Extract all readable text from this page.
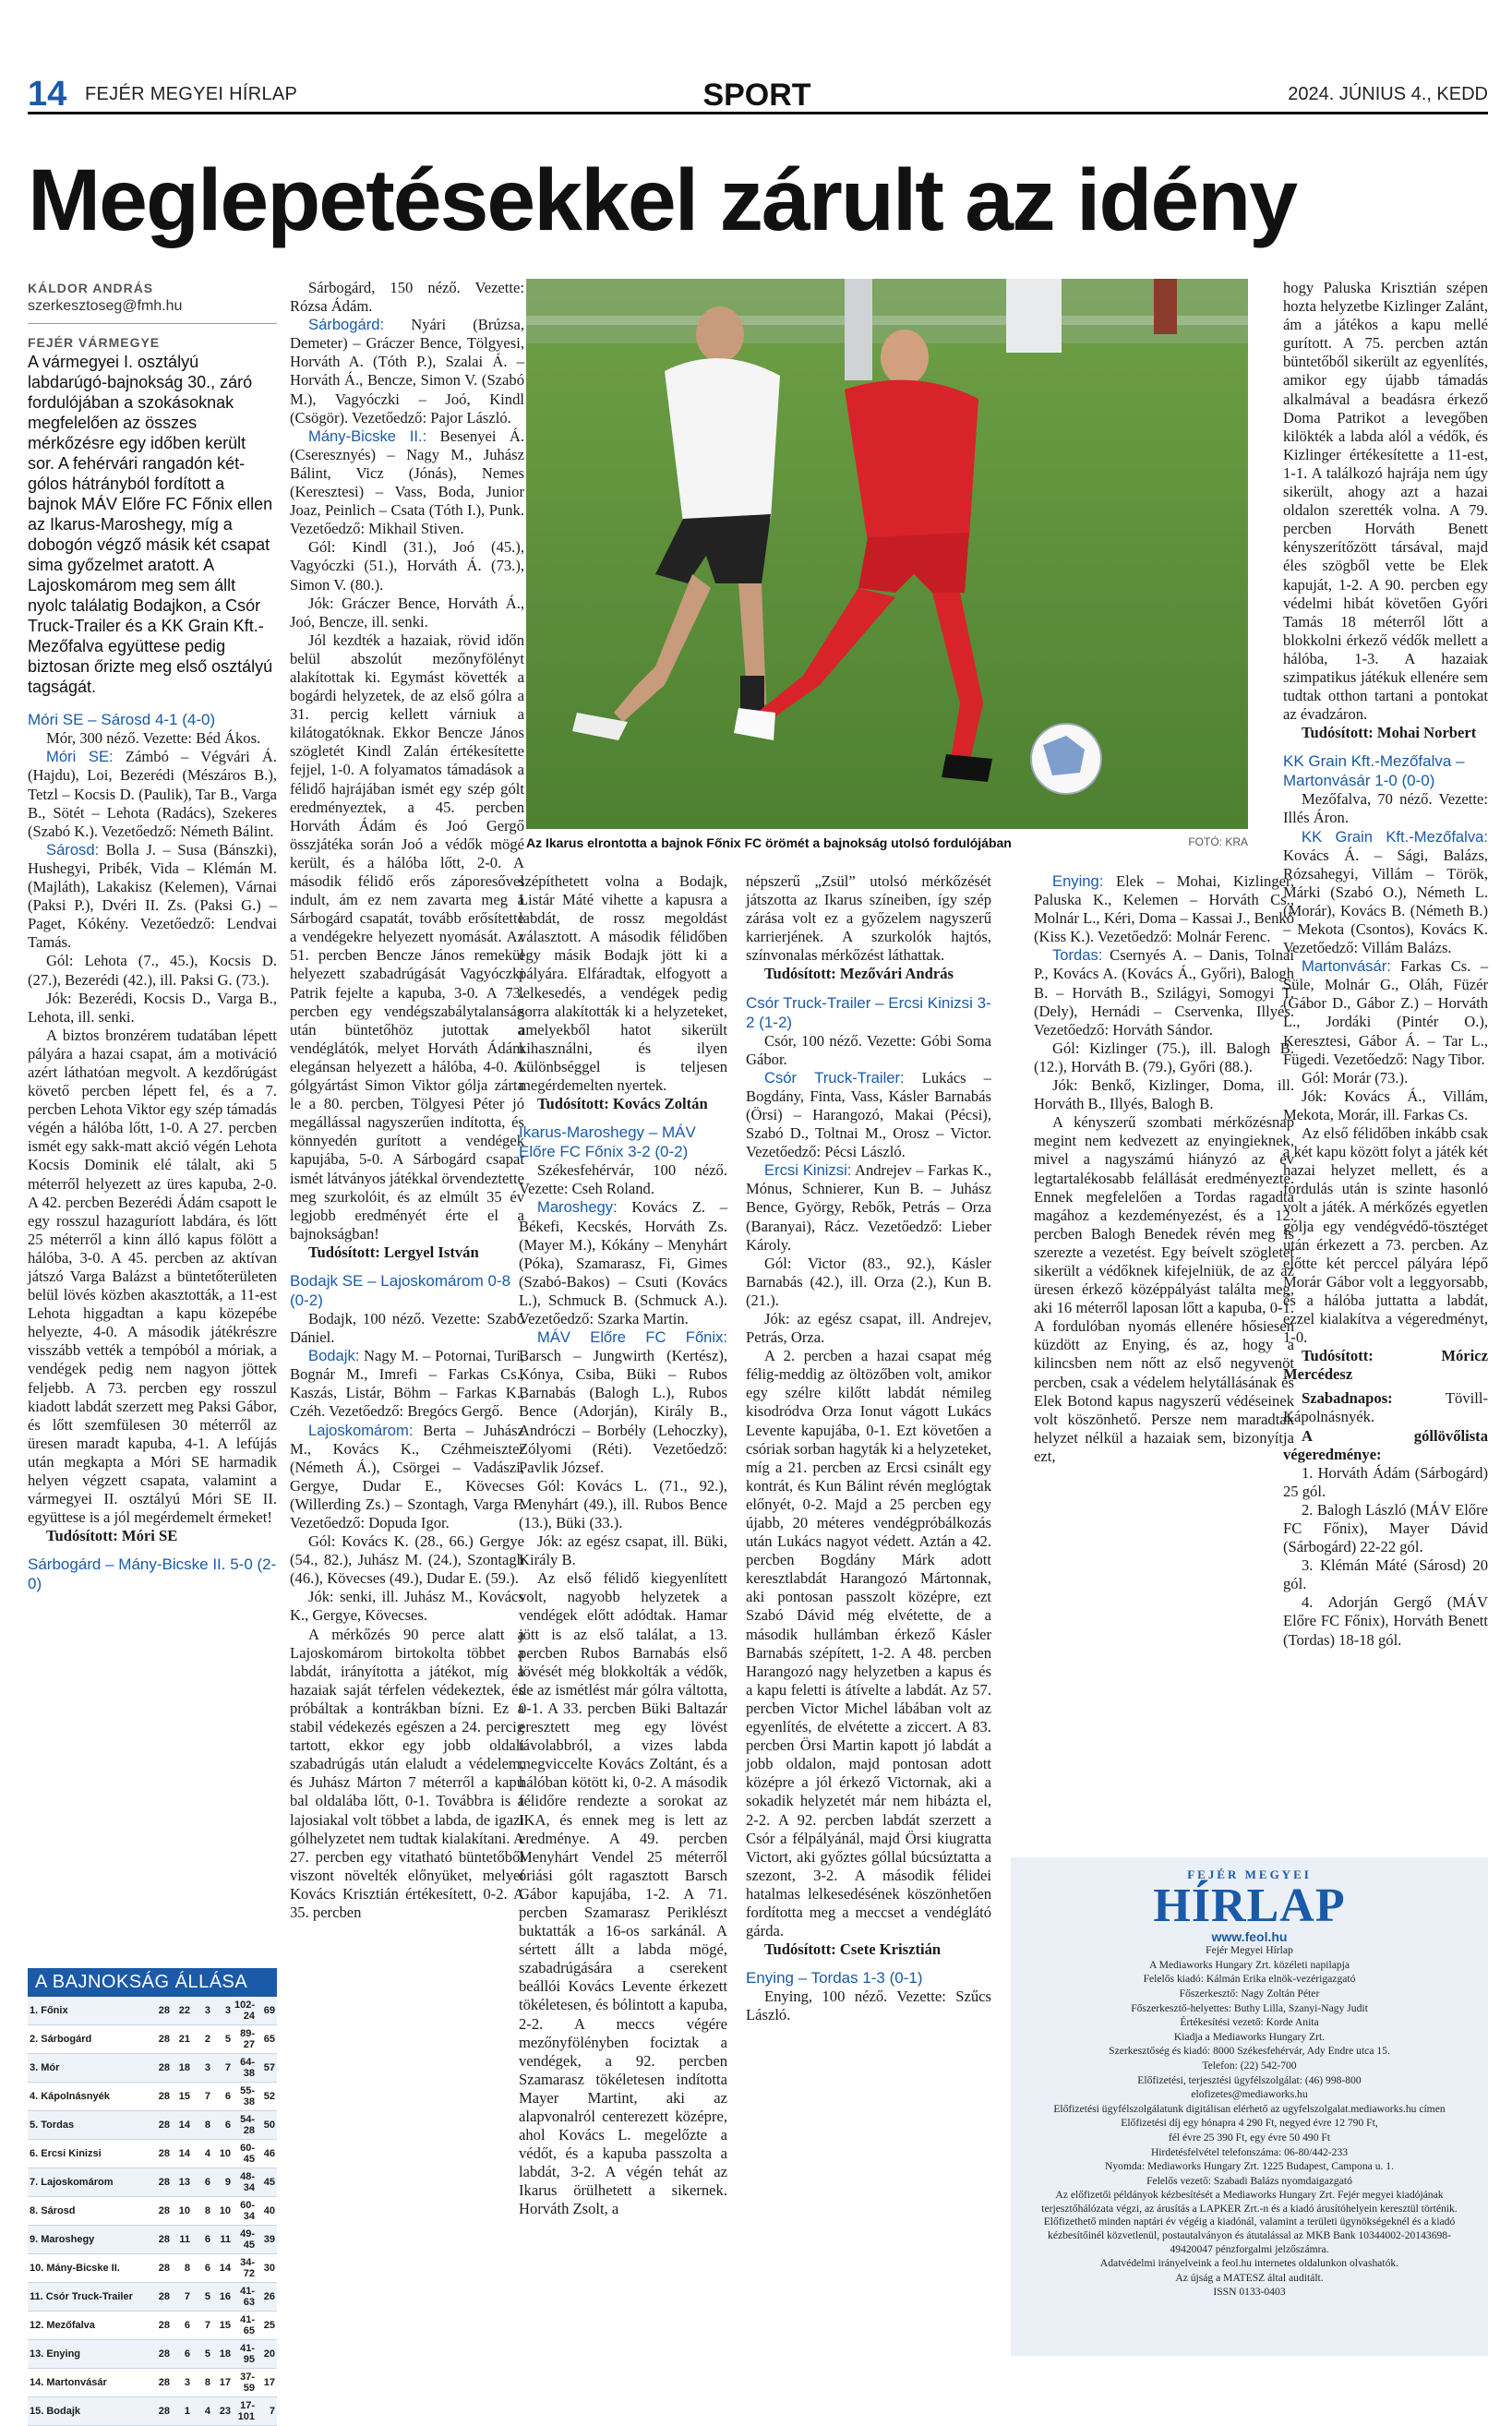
14 FEJÉR MEGYEI HÍRLAP	SPORT	2024. JÚNIUS 4., KEDD
Meglepetésekkel zárult az idény
Az Ikarus elrontotta a bajnok Főnix FC örömét a bajnokság utolsó fordulójában	FOTÓ: KRA
KÁLDOR ANDRÁS
szerkesztoseg@fmh.hu
FEJÉR VÁRMEGYE
A vármegyei I. osztályú labdarúgó-bajnokság 30., záró fordulójában a szokásoknak megfelelően az összes mérkőzésre egy időben került sor. A fehérvári rangadón két-gólos hátrányból fordított a bajnok MÁV Előre FC Főnix ellen az Ikarus-Maroshegy, míg a dobogón végző másik két csapat sima győzelmet aratott. A Lajoskomárom meg sem állt nyolc találatig Bodajkon, a Csór Truck-Trailer és a KK Grain Kft.-Mezőfalva együttese pedig biztosan őrizte meg első osztályú tagságát.
Móri SE – Sárosd 4-1 (4-0)

Mór, 300 néző. Vezette: Béd Ákos.

Móri SE: Zámbó – Végvári Á. (Hajdu), Loi, Bezerédi (Mészáros B.), Tetzl – Kocsis D. (Paulik), Tar B., Varga B., Sötét – Lehota (Radács), Szekeres (Szabó K.). Vezetőedző: Németh Bálint.

Sárosd: Bolla J. – Susa (Bánszki), Hushegyi, Pribék, Vida – Klémán M. (Majláth), Lakakisz (Kelemen), Várnai (Paksi P.), Dvéri II. Zs. (Paksi G.) – Paget, Kókény. Vezetőedző: Lendvai Tamás.

Gól: Lehota (7., 45.), Kocsis D. (27.), Bezerédi (42.), ill. Paksi G. (73.).

Jók: Bezerédi, Kocsis D., Varga B., Lehota, ill. senki.

A biztos bronzérem tudatában lépett pályára a hazai csapat, ám a motiváció azért láthatóan megvolt. A kezdőrúgást követő percben lépett fel, és a 7. percben Lehota Viktor egy szép támadás végén a hálóba lőtt, 1-0. A 27. percben ismét egy sakk-matt akció végén Lehota Kocsis Dominik elé tálalt, aki 5 méterről helyezett az üres kapuba, 2-0. A 42. percben Bezerédi Ádám csapott le egy rosszul hazaguríott labdára, és lőtt 25 méterről a kinn álló kapus fölött a hálóba, 3-0. A 45. percben az aktívan játszó Varga Balázst a büntetőterületen belül lövés közben akasztották, a 11-est Lehota higgadtan a kapu közepébe helyezte, 4-0. A második játékrészre visszább vették a tempóból a móriak, a vendégek pedig nem nagyon jöttek feljebb. A 73. percben egy rosszul kiadott labdát szerzett meg Paksi Gábor, és lőtt szemfülesen 30 méterről az üresen maradt kapuba, 4-1. A lefújás után megkapta a Móri SE harmadik helyen végzett csapata, valamint a vármegyei II. osztályú Móri SE II. együttese is a jól megérdemelt érmeket!

Tudósított: Móri SE

Sárbogárd – Mány-Bicske II. 5-0 (2-0)
A BAJNOKSÁG ÁLLÁSA
1. Főnix	28	22	3	3	102-24	69
2. Sárbogárd	28	21	2	5	89-27	65
3. Mór	28	18	3	7	64-38	57
4. Kápolnásnyék	28	15	7	6	55-38	52
5. Tordas	28	14	8	6	54-28	50
6. Ercsi Kinizsi	28	14	4	10	60-45	46
7. Lajoskomárom	28	13	6	9	48-34	45
8. Sárosd	28	10	8	10	60-34	40
9. Maroshegy	28	11	6	11	49-45	39
10. Mány-Bicske II.	28	8	6	14	34-72	30
11. Csór Truck-Trailer	28	7	5	16	41-63	26
12. Mezőfalva	28	6	7	15	41-65	25
13. Enying	28	6	5	18	41-95	20
14. Martonvásár	28	3	8	17	37-59	17
15. Bodajk	28	1	4	23	17-101	7

Sárbogárd, 150 néző. Vezette: Rózsa Ádám.

Sárbogárd: Nyári (Brúzsa, Demeter) – Gráczer Bence, Tölgyesi, Horváth A. (Tóth P.), Szalai Á. – Horváth Á., Bencze, Simon V. (Szabó M.), Vagyóczki – Joó, Kindl (Csögör). Vezetőedző: Pajor László.

Mány-Bicske II.: Besenyei Á. (Cseresznyés) – Nagy M., Juhász Bálint, Vicz (Jónás), Nemes (Keresztesi) – Vass, Boda, Junior Joaz, Peinlich – Csata (Tóth I.), Punk. Vezetőedző: Mikhail Stiven.

Gól: Kindl (31.), Joó (45.), Vagyóczki (51.), Horváth Á. (73.), Simon V. (80.).

Jók: Gráczer Bence, Horváth Á., Joó, Bencze, ill. senki.

Jól kezdték a hazaiak, rövid időn belül abszolút mezőnyfölényt alakítottak ki. Egymást követték a bogárdi helyzetek, de az első gólra a 31. percig kellett várniuk a kilátogatóknak. Ekkor Bencze János szögletét Kindl Zalán értékesítette fejjel, 1-0. A folyamatos támadások a félidő hajrájában ismét egy szép gólt eredményeztek, a 45. percben Horváth Ádám és Joó Gergő összjátéka során Joó a védők mögé került, és a hálóba lőtt, 2-0. A második félidő erős záporesővel indult, ám ez nem zavarta meg a Sárbogárd csapatát, tovább erősítette a vendégekre helyezett nyomását. Az 51. percben Bencze János remekül helyezett szabadrúgását Vagyóczki Patrik fejelte a kapuba, 3-0. A 73. percben egy vendégszabálytalanság után büntetőhöz jutottak a vendéglátók, melyet Horváth Ádám elegánsan helyezett a hálóba, 4-0. A gólgyártást Simon Viktor gólja zárta le a 80. percben, Tölgyesi Péter jó megállással nagyszerűen indította, és könnyedén gurított a vendégek kapujába, 5-0. A Sárbogárd csapat ismét látványos játékkal örvendeztette meg szurkolóit, és az elmúlt 35 év legjobb eredményét érte el a bajnokságban!

Tudósított: Lergyel István

Bodajk SE – Lajoskomárom 0-8 (0-2)

Bodajk, 100 néző. Vezette: Szabó Dániel.

Bodajk: Nagy M. – Potornai, Turi, Bognár M., Imrefi – Farkas Cs., Kaszás, Listár, Böhm – Farkas K., Czéh. Vezetőedző: Bregócs Gergő.

Lajoskomárom: Berta – Juhász M., Kovács K., Czéhmeiszter (Németh Á.), Csörgei – Vadászi, Gergye, Dudar E., Kövecses (Willerding Zs.) – Szontagh, Varga F. Vezetőedző: Dopuda Igor.

Gól: Kovács K. (28., 66.) Gergye (54., 82.), Juhász M. (24.), Szontagh (46.), Kövecses (49.), Dudar E. (59.).

Jók: senki, ill. Juhász M., Kovács K., Gergye, Kövecses.

A mérkőzés 90 perce alatt a Lajoskomárom birtokolta többet a labdát, irányította a játékot, míg a hazaiak saját térfelen védekeztek, és próbáltak a kontrákban bízni. Ez a stabil védekezés egészen a 24. percig tartott, ekkor egy jobb oldali szabadrúgás után elaludt a védelem, és Juhász Márton 7 méterről a kapu bal oldalába lőtt, 0-1. Továbbra is a lajosiakal volt többet a labda, de igazi gólhelyzetet nem tudtak kialakítani. A 27. percben egy vitatható büntetőből viszont növelték előnyüket, melyet Kovács Krisztián értékesített, 0-2. A 35. percben

szépíthetett volna a Bodajk, Listár Máté vihette a kapusra a labdát, de rossz megoldást választott. A második félidőben egy másik Bodajk jött ki a pályára. Elfáradtak, elfogyott a lelkesedés, a vendégek pedig sorra alakították ki a helyzeteket, amelyekből hatot sikerült kihasználni, és ilyen különbséggel is teljesen megérdemelten nyertek.

Tudósított: Kovács Zoltán

Ikarus-Maroshegy – MÁV Előre FC Főnix 3-2 (0-2)

Székesfehérvár, 100 néző. Vezette: Cseh Roland.

Maroshegy: Kovács Z. – Békefi, Kecskés, Horváth Zs. (Mayer M.), Kókány – Menyhárt (Póka), Szamarasz, Fi, Gimes (Szabó-Bakos) – Csuti (Kovács L.), Schmuck B. (Schmuck A.). Vezetőedző: Szarka Martin.

MÁV Előre FC Főnix: Barsch – Jungwirth (Kertész), Kónya, Csiba, Büki – Rubos Barnabás (Balogh L.), Rubos Bence (Adorján), Király B., Andróczi – Borbély (Lehoczky), Zólyomi (Réti). Vezetőedző: Pavlik József.

Gól: Kovács L. (71., 92.), Menyhárt (49.), ill. Rubos Bence (13.), Büki (33.).

Jók: az egész csapat, ill. Büki, Király B.

Az első félidő kiegyenlített volt, nagyobb helyzetek a vendégek előtt adódtak. Hamar jött is az első találat, a 13. percben Rubos Barnabás első lövését még blokkolták a védők, de az ismétlést már gólra váltotta, 0-1. A 33. percben Büki Baltazár eresztett meg egy lövést távolabbról, a vizes labda megviccelte Kovács Zoltánt, és a hálóban kötött ki, 0-2. A második félidőre rendezte a sorokat az IKA, és ennek meg is lett az eredménye. A 49. percben Menyhárt Vendel 25 méterről óriási gólt ragasztott Barsch Gábor kapujába, 1-2. A 71. percben Szamarasz Periklészt buktatták a 16-os sarkánál. A sértett állt a labda mögé, szabadrúgására a cserekent beállói Kovács Levente érkezett tökéletesen, és bólintott a kapuba, 2-2. A meccs végére mezőnyfölényben fociztak a vendégek, a 92. percben Szamarasz tökéletesen indította Mayer Martint, aki az alapvonalról centerezett középre, ahol Kovács L. megelőzte a védőt, és a kapuba passzolta a labdát, 3-2. A végén tehát az Ikarus örülhetett a sikernek. Horváth Zsolt, a

népszerű „Zsül” utolsó mérkőzését játszotta az Ikarus színeiben, így szép zárása volt ez a győzelem nagyszerű karrierjének. A szurkolók hajtós, színvonalas mérkőzést láthattak.

Tudósított: Mezővári András

Csór Truck-Trailer – Ercsi Kinizsi 3-2 (1-2)

Csór, 100 néző. Vezette: Góbi Soma Gábor.

Csór Truck-Trailer: Lukács – Bogdány, Finta, Vass, Kásler Barnabás (Örsi) – Harangozó, Makai (Pécsi), Szabó D., Toltnai M., Orosz – Victor. Vezetőedző: Pécsi László.

Ercsi Kinizsi: Andrejev – Farkas K., Mónus, Schnierer, Kun B. – Juhász Bence, György, Rebők, Petrás – Orza (Baranyai), Rácz. Vezetőedző: Lieber Károly.

Gól: Victor (83., 92.), Kásler Barnabás (42.), ill. Orza (2.), Kun B. (21.).

Jók: az egész csapat, ill. Andrejev, Petrás, Orza.

A 2. percben a hazai csapat még félig-meddig az öltözőben volt, amikor egy szélre kilőtt labdát némileg kisodródva Orza Ionut vágott Lukács Levente kapujába, 0-1. Ezt követően a csóriak sorban hagyták ki a helyzeteket, míg a 21. percben az Ercsi csinált egy kontrát, és Kun Bálint révén meglógtak előnyét, 0-2. Majd a 25 percben egy újabb, 20 méteres vendégpróbálkozás után Lukács nagyot védett. Aztán a 42. percben Bogdány Márk adott keresztlabdát Harangozó Mártonnak, aki pontosan passzolt középre, ezt Szabó Dávid még elvétette, de a második hullámban érkező Kásler Barnabás szépített, 1-2. A 48. percben Harangozó nagy helyzetben a kapus és a kapu feletti is átívelte a labdát. Az 57. percben Victor Michel lábában volt az egyenlítés, de elvétette a ziccert. A 83. percben Örsi Martin kapott jó labdát a jobb oldalon, majd pontosan adott középre a jól érkező Victornak, aki a sokadik helyzetét már nem hibázta el, 2-2. A 92. percben labdát szerzett a Csór a félpályánál, majd Örsi kiugratta Victort, aki győztes góllal búcsúztatta a szezont, 3-2. A második félidei hatalmas lelkesedésének köszönhetően fordította meg a meccset a vendéglátó gárda.

Tudósított: Csete Krisztián

Enying – Tordas 1-3 (0-1)

Enying, 100 néző. Vezette: Szűcs László.

Enying: Elek – Mohai, Kizlinger, Paluska K., Kelemen – Horváth Cs., Molnár L., Kéri, Doma – Kassai J., Benkő (Kiss K.). Vezetőedző: Molnár Ferenc.

Tordas: Csernyés A. – Danis, Tolnai P., Kovács A. (Kovács Á., Győri), Balogh B. – Horváth B., Szilágyi, Somogyi T. (Dely), Hernádi – Cservenka, Illyés. Vezetőedző: Horváth Sándor.

Gól: Kizlinger (75.), ill. Balogh B. (12.), Horváth B. (79.), Győri (88.).

Jók: Benkő, Kizlinger, Doma, ill. Horváth B., Illyés, Balogh B.

A kényszerű szombati mérkőzésnap megint nem kedvezett az enyingieknek, mivel a nagyszámú hiányzó az év legtartalékosabb felállását eredményezte. Ennek megfelelően a Tordas ragadta magához a kezdeményezést, és a 12. percben Balogh Benedek révén meg is szerezte a vezetést. Egy beívelt szögletet sikerült a védőknek kifejelniük, de az az üresen érkező középpályást találta meg, aki 16 méterről laposan lőtt a kapuba, 0-1. A fordulóban nyomás ellenére hősiesen küzdött az Enying, és az, hogy a kilincsben nem nőtt az első negyvenöt percben, csak a védelem helytállásának és Elek Botond kapus nagyszerű védéseinek volt köszönhető. Persze nem maradtak helyzet nélkül a hazaiak sem, bizonyítja ezt,

hogy Paluska Krisztián szépen hozta helyzetbe Kizlinger Zalánt, ám a játékos a kapu mellé gurított. A 75. percben aztán büntetőből sikerült az egyenlítés, amikor egy újabb támadás alkalmával a beadásra érkező Doma Patrikot a levegőben kilökték a labda alól a védők, és Kizlinger értékesítette a 11-est, 1-1. A találkozó hajrája nem úgy sikerült, ahogy azt a hazai oldalon szerették volna. A 79. percben Horváth Benett kényszerítőzött társával, majd éles szögből vette be Elek kapuját, 1-2. A 90. percben egy védelmi hibát követően Győri Tamás 18 méterről lőtt a blokkolni érkező védők mellett a hálóba, 1-3. A hazaiak szimpatikus játékuk ellenére sem tudtak otthon tartani a pontokat az évadzáron.

Tudósított: Mohai Norbert

KK Grain Kft.-Mezőfalva – Martonvásár 1-0 (0-0)

Mezőfalva, 70 néző. Vezette: Illés Áron.

KK Grain Kft.-Mezőfalva: Kovács Á. – Sági, Balázs, Rózsahegyi, Villám – Török, Márki (Szabó O.), Németh L. (Morár), Kovács B. (Németh B.) – Mekota (Csontos), Kovács K. Vezetőedző: Villám Balázs.

Martonvásár: Farkas Cs. – Süle, Molnár G., Oláh, Füzér (Gábor D., Gábor Z.) – Horváth L., Jordáki (Pintér O.), Keresztesi, Gábor Á. – Tar L., Fügedi. Vezetőedző: Nagy Tibor.

Gól: Morár (73.).

Jók: Kovács Á., Villám, Mekota, Morár, ill. Farkas Cs.

Az első félidőben inkább csak a két kapu között folyt a játék két hazai helyzet mellett, és a fordulás után is szinte hasonló volt a játék. A mérkőzés egyetlen gólja egy vendégvédő-tösztéget után érkezett a 73. percben. Az előtte két perccel pályára lépő Morár Gábor volt a leggyorsabb, és a hálóba juttatta a labdát, ezzel kialakítva a végeredményt, 1-0.

Tudósított: Móricz Mercédesz

Szabadnapos:	Tövill-Kápolnásnyék.

A góllövőlista végeredménye:

1. Horváth Ádám (Sárbogárd) 25 gól.

2. Balogh László (MÁV Előre FC Főnix), Mayer Dávid (Sárbogárd) 22-22 gól.

3. Klémán Máté (Sárosd) 20 gól.

4. Adorján Gergő (MÁV Előre FC Főnix), Horváth Benett (Tordas) 18-18 gól.

FEJÉR MEGYEI
HÍRLAP
www.feol.hu
Fejér Megyei Hírlap
A Mediaworks Hungary Zrt. közéleti napilapja
Felelős kiadó: Kálmán Erika elnök-vezérigazgató
Főszerkesztő: Nagy Zoltán Péter
Főszerkesztő-helyettes: Buthy Lilla, Szanyi-Nagy Judit
Értékesítési vezető: Korde Anita
Kiadja a Mediaworks Hungary Zrt.
Szerkesztőség és kiadó: 8000 Székesfehérvár, Ady Endre utca 15.
Telefon: (22) 542-700
Előfizetési, terjesztési ügyfélszolgálat: (46) 998-800
elofizetes@mediaworks.hu
Előfizetési ügyfélszolgálatunk digitálisan elérhető az ugyfelszolgalat.mediaworks.hu címen
Előfizetési díj egy hónapra 4 290 Ft, negyed évre 12 790 Ft,
fél évre 25 390 Ft, egy évre 50 490 Ft
Hirdetésfelvétel telefonszáma: 06-80/442-233
Nyomda: Mediaworks Hungary Zrt. 1225 Budapest, Campona u. 1.
Felelős vezető: Szabadi Balázs nyomdaigazgató
Az előfizetői példányok kézbesítését a Mediaworks Hungary Zrt. Fejér megyei kiadójának terjesztőhálózata végzi, az árusítás a LAPKER Zrt.-n és a kiadó árusítóhelyein keresztül történik. Előfizethető minden naptári év végéig a kiadónál, valamint a területi ügynökségeknél és a kiadó kézbesítőinél közvetlenül, postautalványon és átutalással az MKB Bank 10344002-20143698-49420047 pénzforgalmi jelzőszámra.
Adatvédelmi irányelveink a feol.hu internetes oldalunkon olvashatók.
Az újság a MATESZ által auditált.
ISSN 0133-0403
